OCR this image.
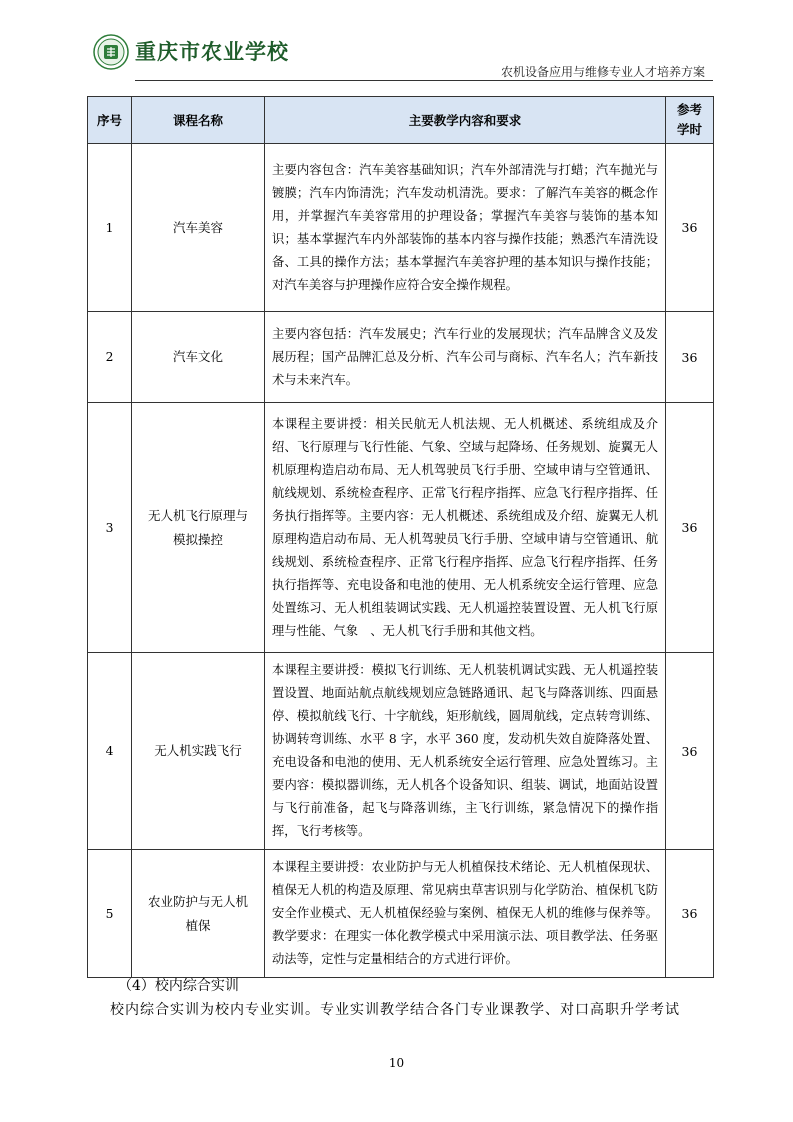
重庆市农业学校
农机设备应用与维修专业人才培养方案
序号	课程名称	主要教学内容和要求	参考学时
1	汽车美容	主要内容包含：汽车美容基础知识；汽车外部清洗与打蜡；汽车抛光与镀膜；汽车内饰清洗；汽车发动机清洗。要求：了解汽车美容的概念作用，并掌握汽车美容常用的护理设备；掌握汽车美容与装饰的基本知识；基本掌握汽车内外部装饰的基本内容与操作技能；熟悉汽车清洗设备、工具的操作方法；基本掌握汽车美容护理的基本知识与操作技能；对汽车美容与护理操作应符合安全操作规程。	36
2	汽车文化	主要内容包括：汽车发展史；汽车行业的发展现状；汽车品牌含义及发展历程；国产品牌汇总及分析、汽车公司与商标、汽车名人；汽车新技术与未来汽车。	36
3	无人机飞行原理与模拟操控	本课程主要讲授：相关民航无人机法规、无人机概述、系统组成及介绍、飞行原理与飞行性能、气象、空域与起降场、任务规划、旋翼无人机原理构造启动布局、无人机驾驶员飞行手册、空域申请与空管通讯、航线规划、系统检查程序、正常飞行程序指挥、应急飞行程序指挥、任务执行指挥等。主要内容：无人机概述、系统组成及介绍、旋翼无人机原理构造启动布局、无人机驾驶员飞行手册、空域申请与空管通讯、航线规划、系统检查程序、正常飞行程序指挥、应急飞行程序指挥、任务执行指挥等、充电设备和电池的使用、无人机系统安全运行管理、应急处置练习、无人机组装调试实践、无人机遥控装置设置、无人机飞行原理与性能、气象　、无人机飞行手册和其他文档。	36
4	无人机实践飞行	本课程主要讲授：模拟飞行训练、无人机装机调试实践、无人机遥控装置设置、地面站航点航线规划应急链路通讯、起飞与降落训练、四面悬停、模拟航线飞行、十字航线，矩形航线，圆周航线，定点转弯训练、协调转弯训练、水平 8 字，水平 360 度，发动机失效自旋降落处置、充电设备和电池的使用、无人机系统安全运行管理、应急处置练习。主要内容：模拟器训练，无人机各个设备知识、组装、调试，地面站设置与飞行前准备，起飞与降落训练，主飞行训练，紧急情况下的操作指挥，飞行考核等。	36
5	农业防护与无人机植保	本课程主要讲授：农业防护与无人机植保技术绪论、无人机植保现状、植保无人机的构造及原理、常见病虫草害识别与化学防治、植保机飞防安全作业模式、无人机植保经验与案例、植保无人机的维修与保养等。教学要求：在理实一体化教学模式中采用演示法、项目教学法、任务驱动法等，定性与定量相结合的方式进行评价。	36
（4）校内综合实训
校内综合实训为校内专业实训。专业实训教学结合各门专业课教学、对口高职升学考试
10
